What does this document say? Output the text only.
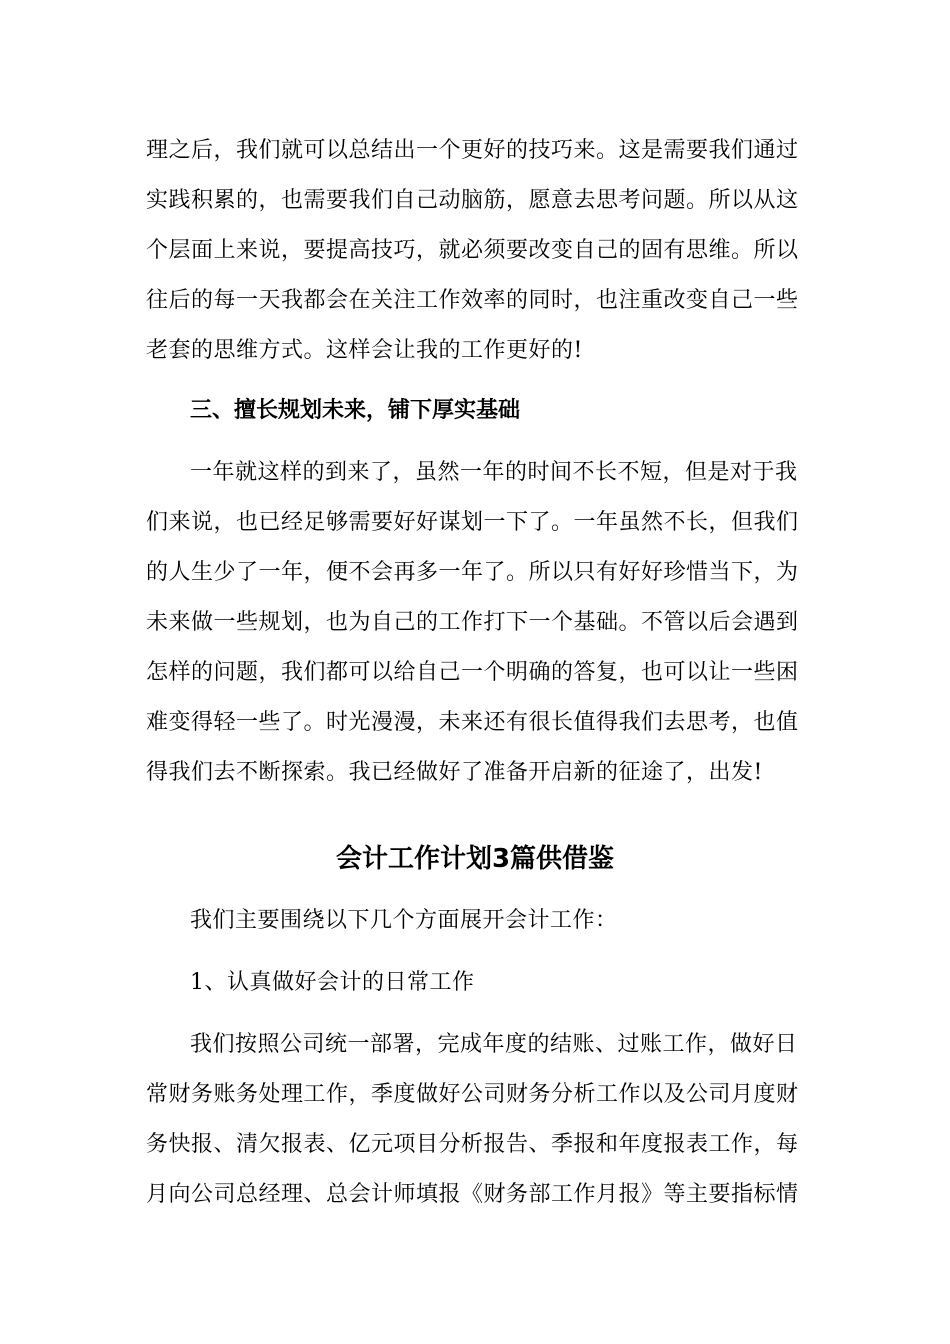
理之后，我们就可以总结出一个更好的技巧来。这是需要我们通过
实践积累的，也需要我们自己动脑筋，愿意去思考问题。所以从这
个层面上来说，要提高技巧，就必须要改变自己的固有思维。所以
往后的每一天我都会在关注工作效率的同时，也注重改变自己一些
老套的思维方式。这样会让我的工作更好的!
三、擅长规划未来，铺下厚实基础
一年就这样的到来了，虽然一年的时间不长不短，但是对于我
们来说，也已经足够需要好好谋划一下了。一年虽然不长，但我们
的人生少了一年，便不会再多一年了。所以只有好好珍惜当下，为
未来做一些规划，也为自己的工作打下一个基础。不管以后会遇到
怎样的问题，我们都可以给自己一个明确的答复，也可以让一些困
难变得轻一些了。时光漫漫，未来还有很长值得我们去思考，也值
得我们去不断探索。我已经做好了准备开启新的征途了，出发!
会计工作计划3篇供借鉴
我们主要围绕以下几个方面展开会计工作：
1、认真做好会计的日常工作
我们按照公司统一部署，完成年度的结账、过账工作，做好日
常财务账务处理工作，季度做好公司财务分析工作以及公司月度财
务快报、清欠报表、亿元项目分析报告、季报和年度报表工作，每
月向公司总经理、总会计师填报《财务部工作月报》等主要指标情
